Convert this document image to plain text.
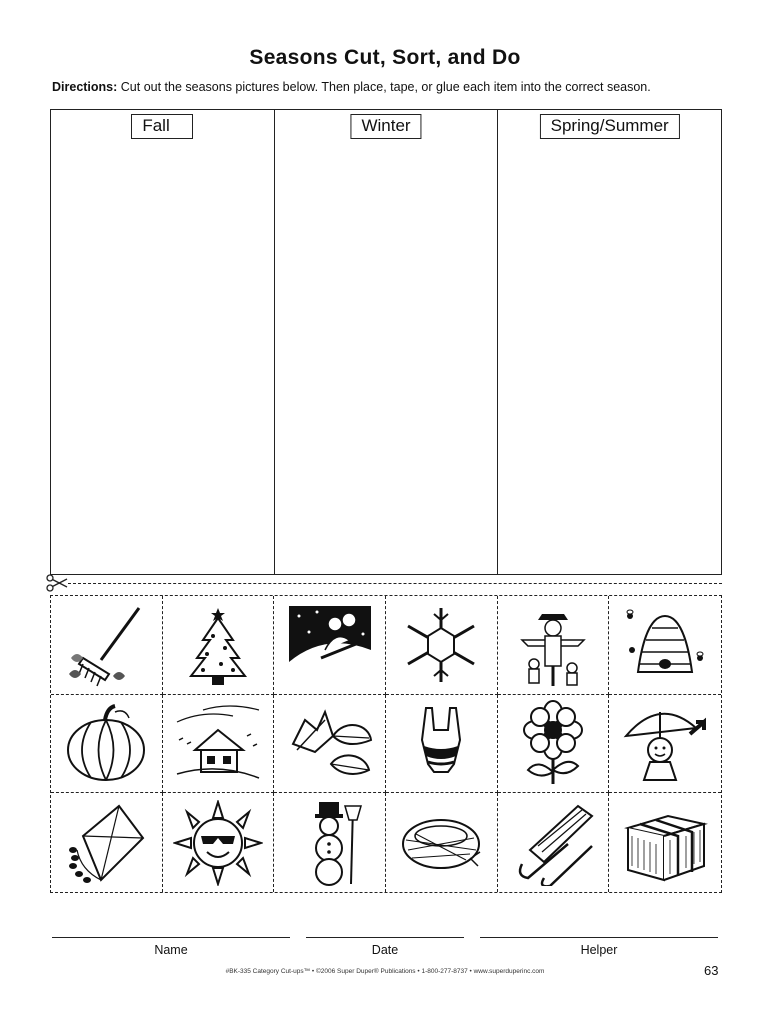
Seasons Cut, Sort, and Do
Directions: Cut out the seasons pictures below. Then place, tape, or glue each item into the correct season.
Fall	Winter	Spring/Summer
Name	Date	Helper
#BK-335 Category Cut-ups™ • ©2006 Super Duper® Publications • 1-800-277-8737 • www.superduperinc.com	63
